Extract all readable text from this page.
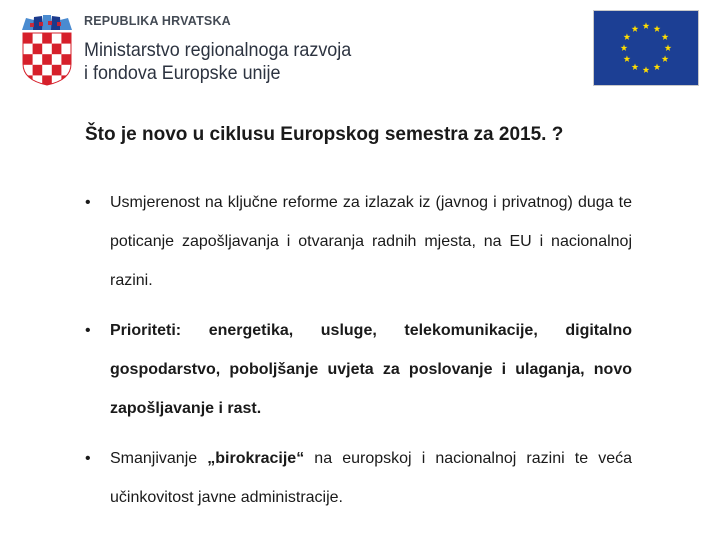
REPUBLIKA HRVATSKA
Ministarstvo regionalnoga razvoja
i fondova Europske unije
Što je novo u ciklusu Europskog semestra za 2015. ?
• Usmjerenost na ključne reforme za izlazak iz (javnog i privatnog) duga te poticanje zapošljavanja i otvaranja radnih mjesta, na EU i nacionalnoj razini.
• Prioriteti: energetika, usluge, telekomunikacije, digitalno gospodarstvo, poboljšanje uvjeta za poslovanje i ulaganja, novo zapošljavanje i rast.
• Smanjivanje „birokracije“ na europskoj i nacionalnoj razini te veća učinkovitost javne administracije.
